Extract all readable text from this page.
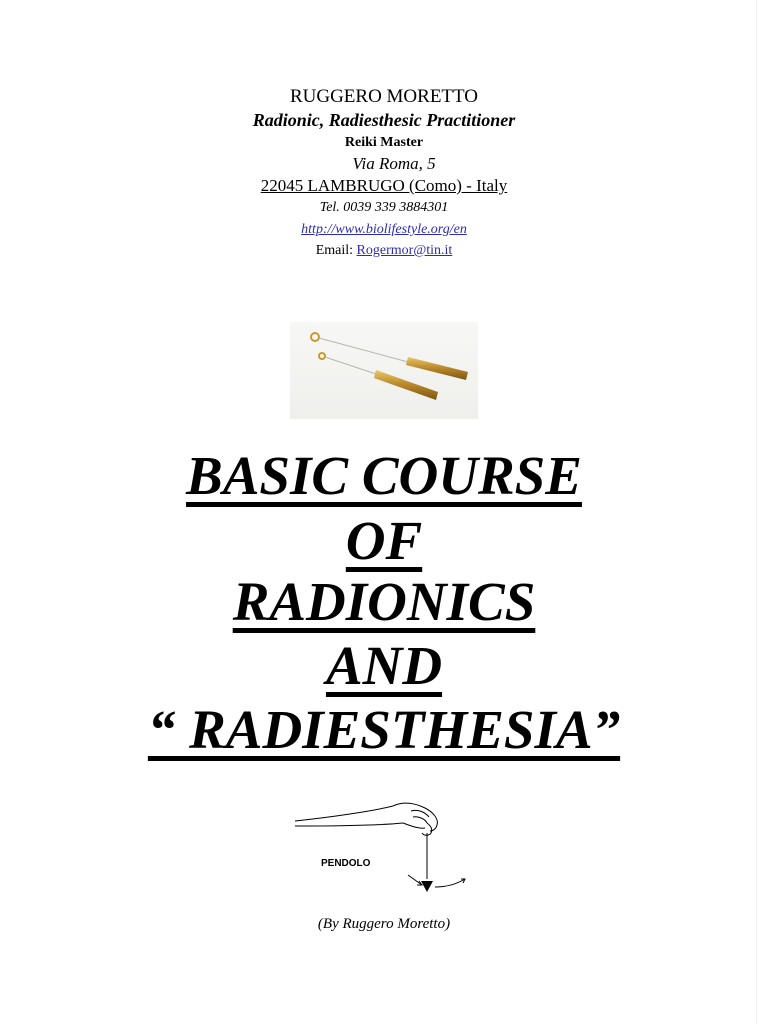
RUGGERO MORETTO
Radionic, Radiesthesic Practitioner
Reiki Master
Via Roma, 5
22045 LAMBRUGO (Como) - Italy
Tel. 0039 339 3884301
http://www.biolifestyle.org/en
Email: Rogermor@tin.it
BASIC COURSE
OF
RADIONICS
AND
“ RADIESTHESIA”
PENDOLO
(By Ruggero Moretto)
